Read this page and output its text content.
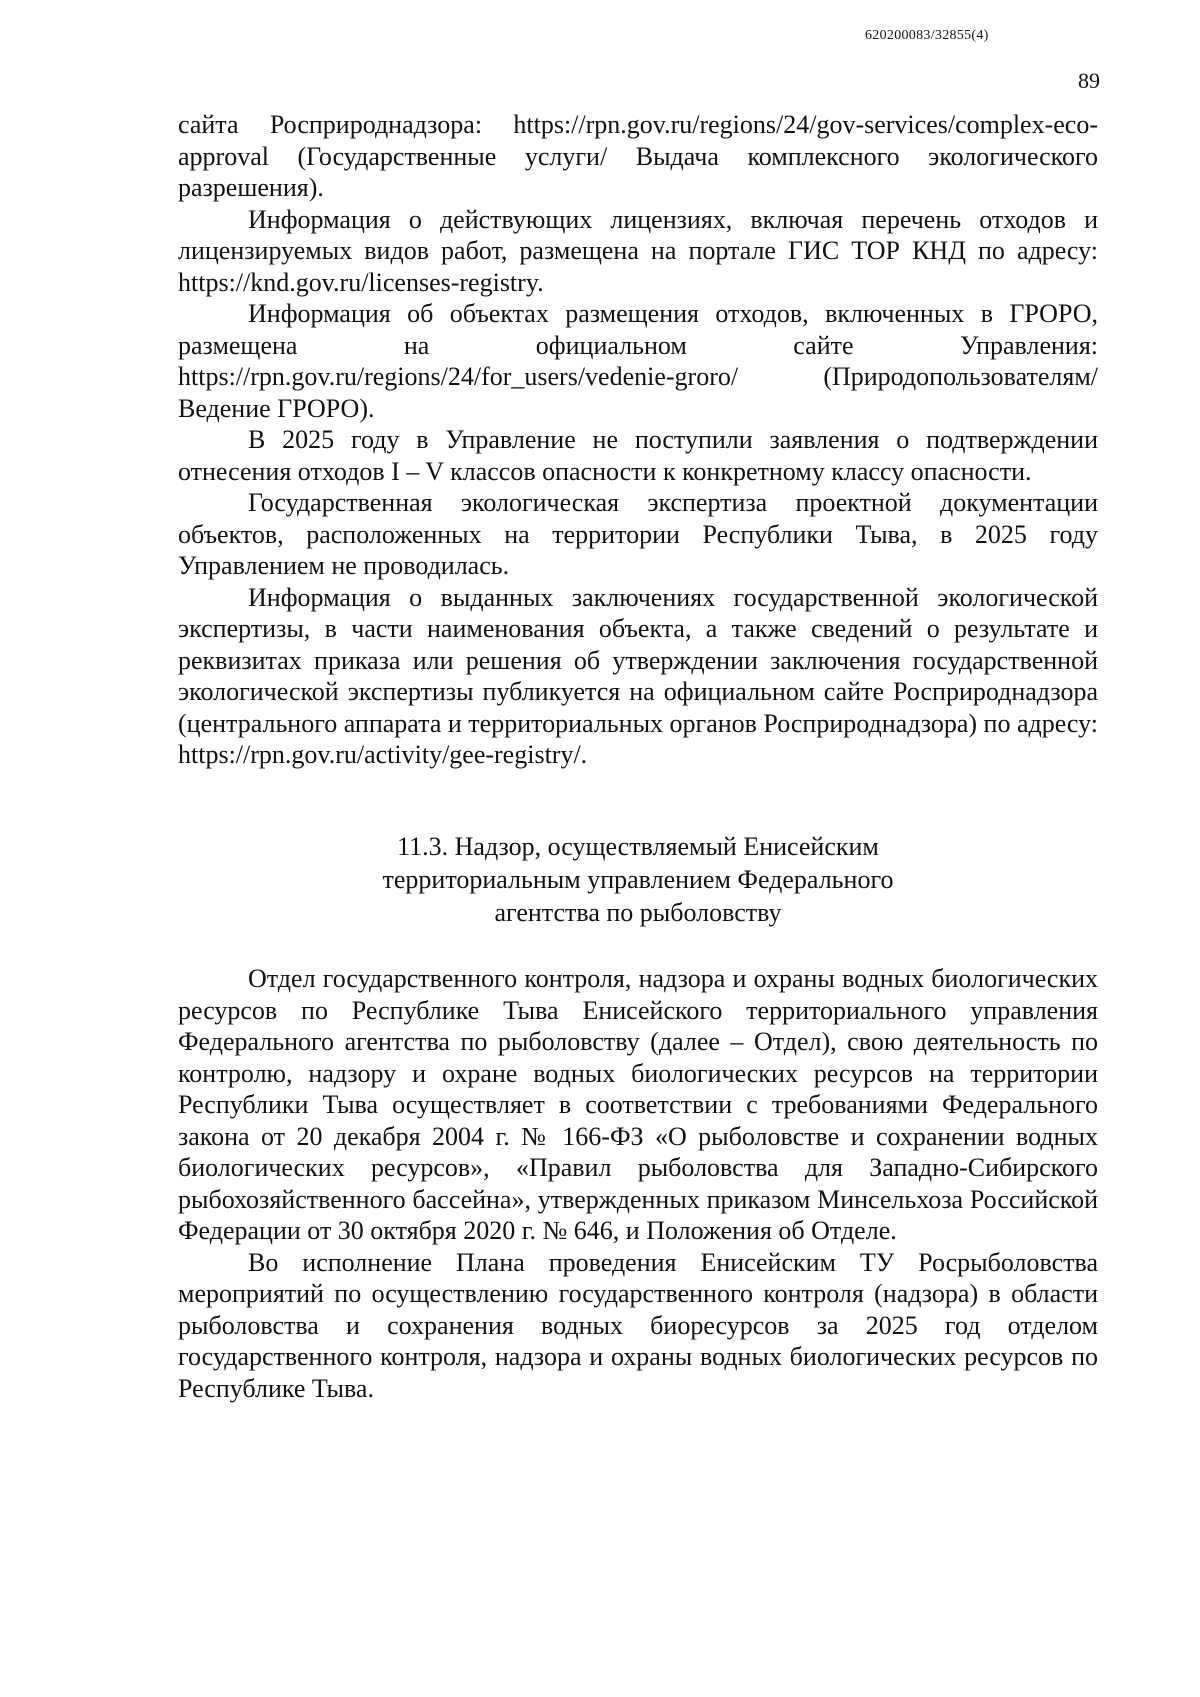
620200083/32855(4)
89

сайта Росприроднадзора: https://rpn.gov.ru/regions/24/gov-services/complex-eco-approval (Государственные услуги/ Выдача комплексного экологического разрешения).

Информация о действующих лицензиях, включая перечень отходов и лицензируемых видов работ, размещена на портале ГИС ТОР КНД по адресу: https://knd.gov.ru/licenses-registry.

Информация об объектах размещения отходов, включенных в ГРОРО, размещена на официальном сайте Управления: https://rpn.gov.ru/regions/24/for_users/vedenie-groro/ (Природопользователям/ Ведение ГРОРО).

В 2025 году в Управление не поступили заявления о подтверждении отнесения отходов I – V классов опасности к конкретному классу опасности.

Государственная экологическая экспертиза проектной документации объектов, расположенных на территории Республики Тыва, в 2025 году Управлением не проводилась.

Информация о выданных заключениях государственной экологической экспертизы, в части наименования объекта, а также сведений о результате и реквизитах приказа или решения об утверждении заключения государственной экологической экспертизы публикуется на официальном сайте Росприроднадзора (центрального аппарата и территориальных органов Росприроднадзора) по адресу: https://rpn.gov.ru/activity/gee-registry/.

11.3. Надзор, осуществляемый Енисейским
территориальным управлением Федерального
агентства по рыболовству

Отдел государственного контроля, надзора и охраны водных биологических ресурсов по Республике Тыва Енисейского территориального управления Федерального агентства по рыболовству (далее – Отдел), свою деятельность по контролю, надзору и охране водных биологических ресурсов на территории Республики Тыва осуществляет в соответствии с требованиями Федерального закона от 20 декабря 2004 г. № 166-ФЗ «О рыболовстве и сохранении водных биологических ресурсов», «Правил рыболовства для Западно-Сибирского рыбохозяйственного бассейна», утвержденных приказом Минсельхоза Российской Федерации от 30 октября 2020 г. № 646, и Положения об Отделе.

Во исполнение Плана проведения Енисейским ТУ Росрыболовства мероприятий по осуществлению государственного контроля (надзора) в области рыболовства и сохранения водных биоресурсов за 2025 год отделом государственного контроля, надзора и охраны водных биологических ресурсов по Республике Тыва.
